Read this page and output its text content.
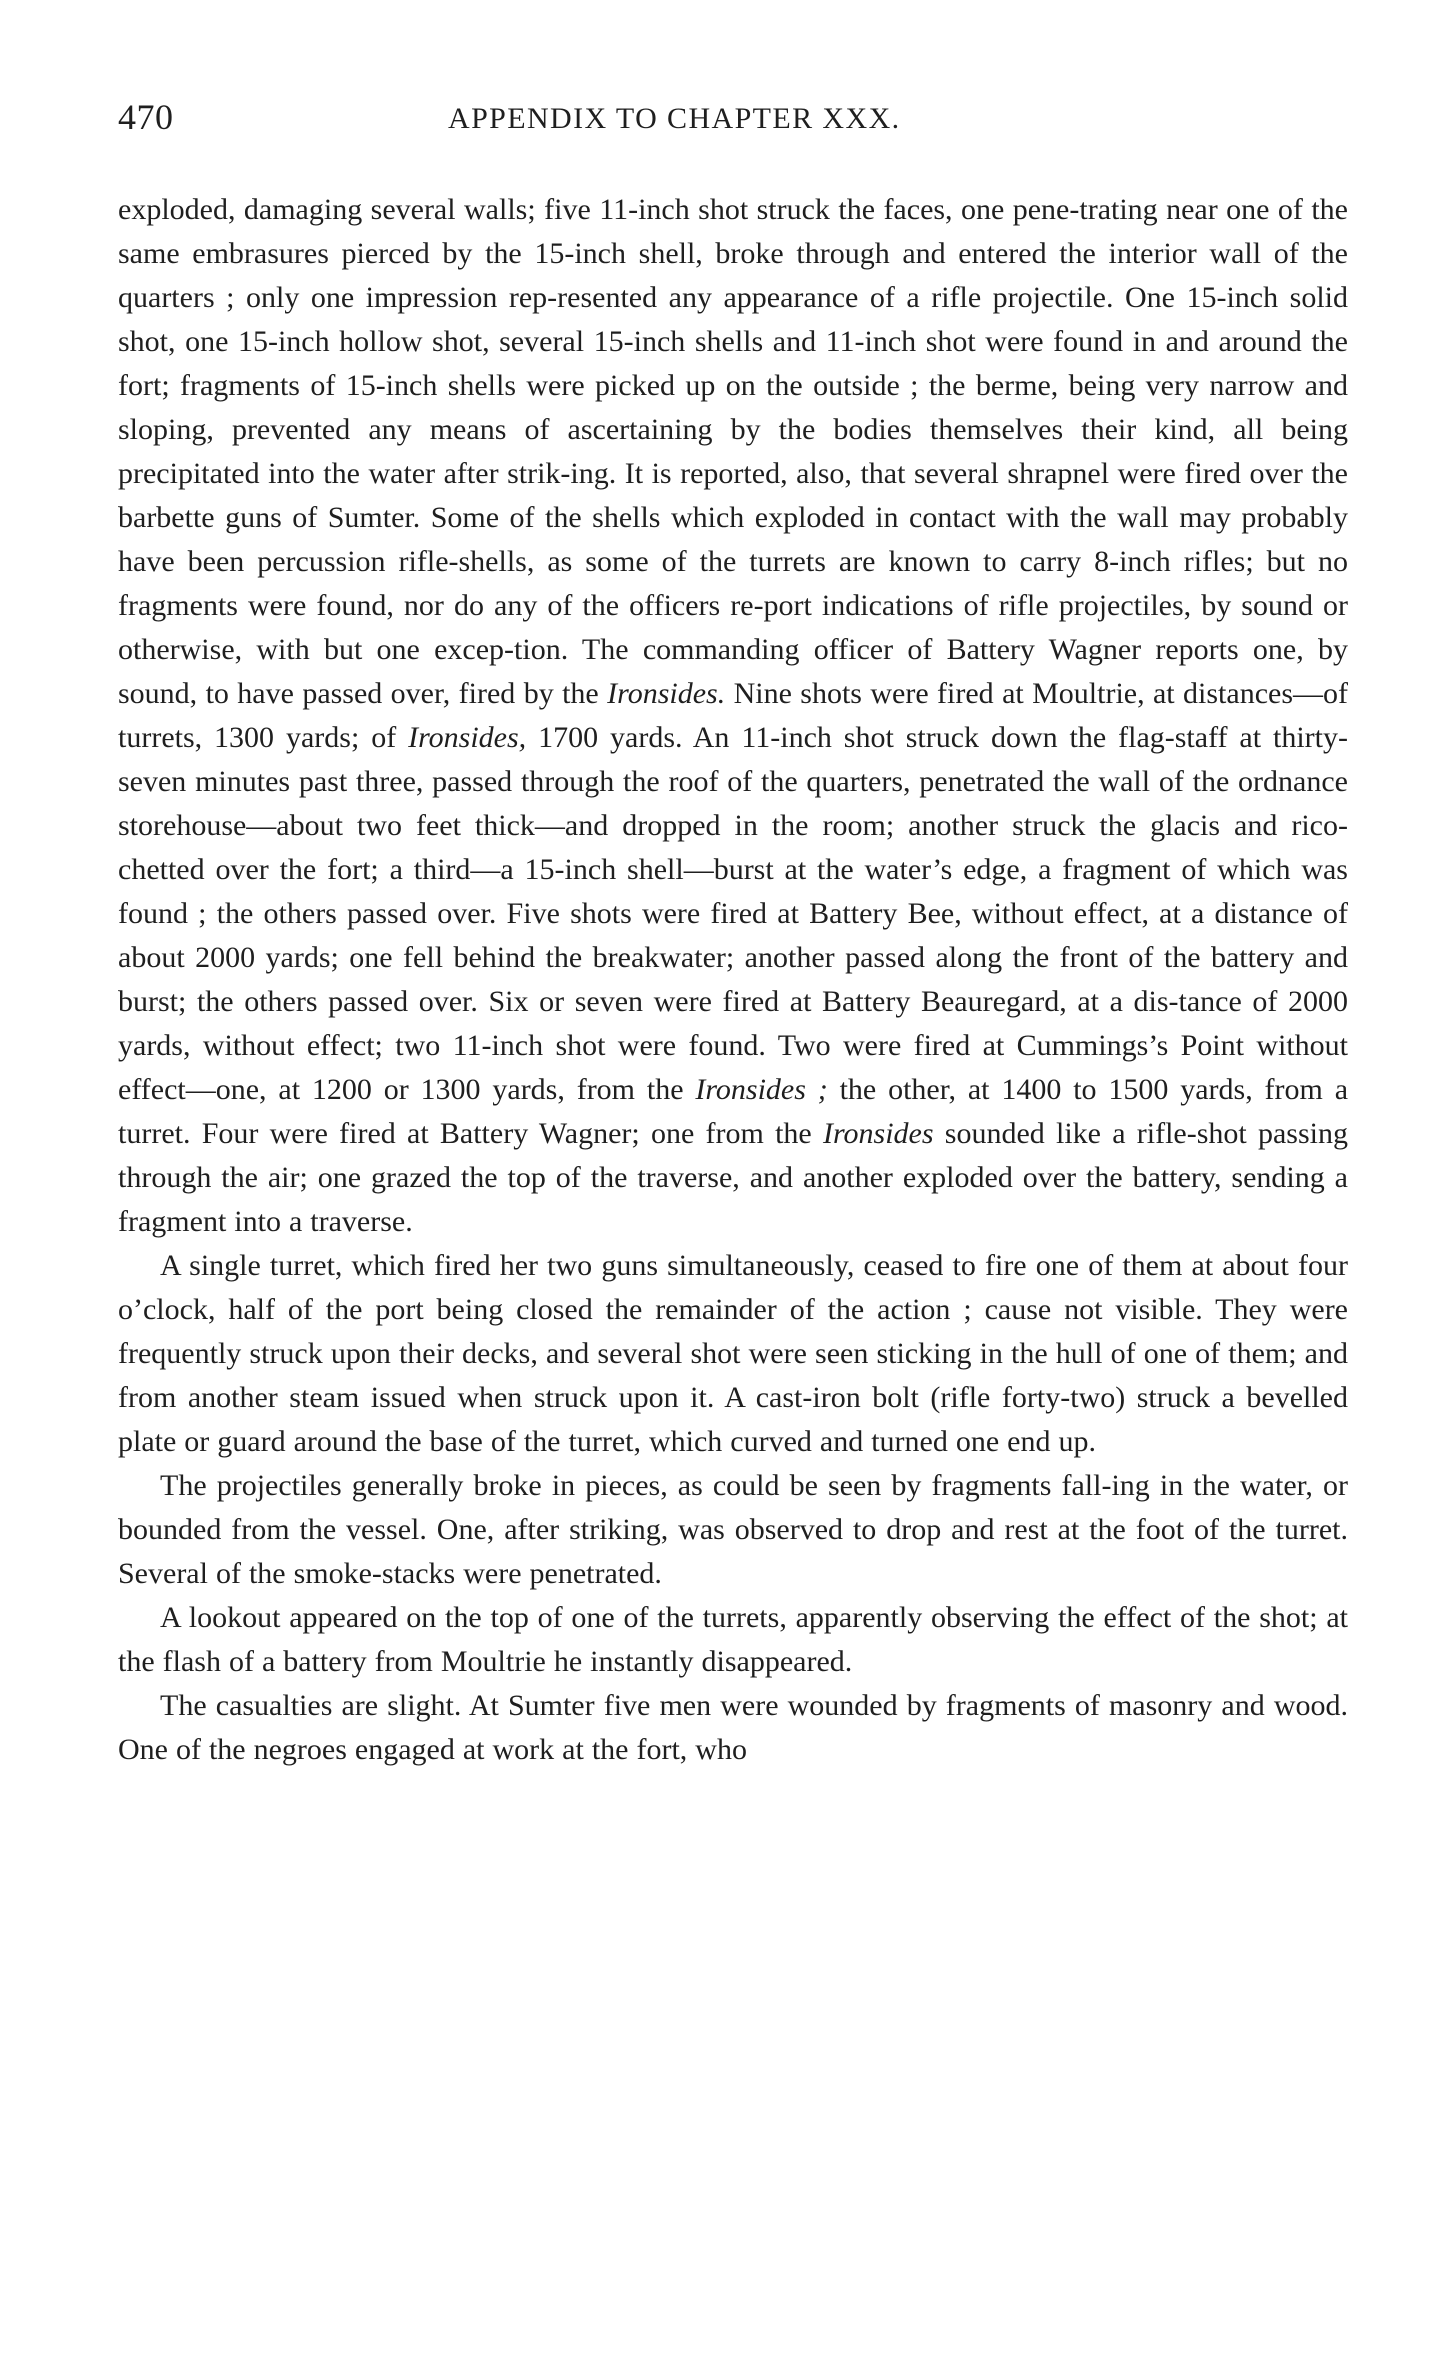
470	APPENDIX TO CHAPTER XXX.

exploded, damaging several walls; five 11-inch shot struck the faces, one pene-trating near one of the same embrasures pierced by the 15-inch shell, broke through and entered the interior wall of the quarters ; only one impression rep-resented any appearance of a rifle projectile. One 15-inch solid shot, one 15-inch hollow shot, several 15-inch shells and 11-inch shot were found in and around the fort; fragments of 15-inch shells were picked up on the outside ; the berme, being very narrow and sloping, prevented any means of ascertaining by the bodies themselves their kind, all being precipitated into the water after strik-ing. It is reported, also, that several shrapnel were fired over the barbette guns of Sumter. Some of the shells which exploded in contact with the wall may probably have been percussion rifle-shells, as some of the turrets are known to carry 8-inch rifles; but no fragments were found, nor do any of the officers re-port indications of rifle projectiles, by sound or otherwise, with but one excep-tion. The commanding officer of Battery Wagner reports one, by sound, to have passed over, fired by the Ironsides. Nine shots were fired at Moultrie, at distances—of turrets, 1300 yards; of Ironsides, 1700 yards. An 11-inch shot struck down the flag-staff at thirty-seven minutes past three, passed through the roof of the quarters, penetrated the wall of the ordnance storehouse—about two feet thick—and dropped in the room; another struck the glacis and rico-chetted over the fort; a third—a 15-inch shell—burst at the water’s edge, a fragment of which was found ; the others passed over. Five shots were fired at Battery Bee, without effect, at a distance of about 2000 yards; one fell behind the breakwater; another passed along the front of the battery and burst; the others passed over. Six or seven were fired at Battery Beauregard, at a dis-tance of 2000 yards, without effect; two 11-inch shot were found. Two were fired at Cummings’s Point without effect—one, at 1200 or 1300 yards, from the Ironsides ; the other, at 1400 to 1500 yards, from a turret. Four were fired at Battery Wagner; one from the Ironsides sounded like a rifle-shot passing through the air; one grazed the top of the traverse, and another exploded over the battery, sending a fragment into a traverse.

A single turret, which fired her two guns simultaneously, ceased to fire one of them at about four o’clock, half of the port being closed the remainder of the action ; cause not visible. They were frequently struck upon their decks, and several shot were seen sticking in the hull of one of them; and from another steam issued when struck upon it. A cast-iron bolt (rifle forty-two) struck a bevelled plate or guard around the base of the turret, which curved and turned one end up.

The projectiles generally broke in pieces, as could be seen by fragments fall-ing in the water, or bounded from the vessel. One, after striking, was observed to drop and rest at the foot of the turret. Several of the smoke-stacks were penetrated.

A lookout appeared on the top of one of the turrets, apparently observing the effect of the shot; at the flash of a battery from Moultrie he instantly disappeared.

The casualties are slight. At Sumter five men were wounded by fragments of masonry and wood. One of the negroes engaged at work at the fort, who
